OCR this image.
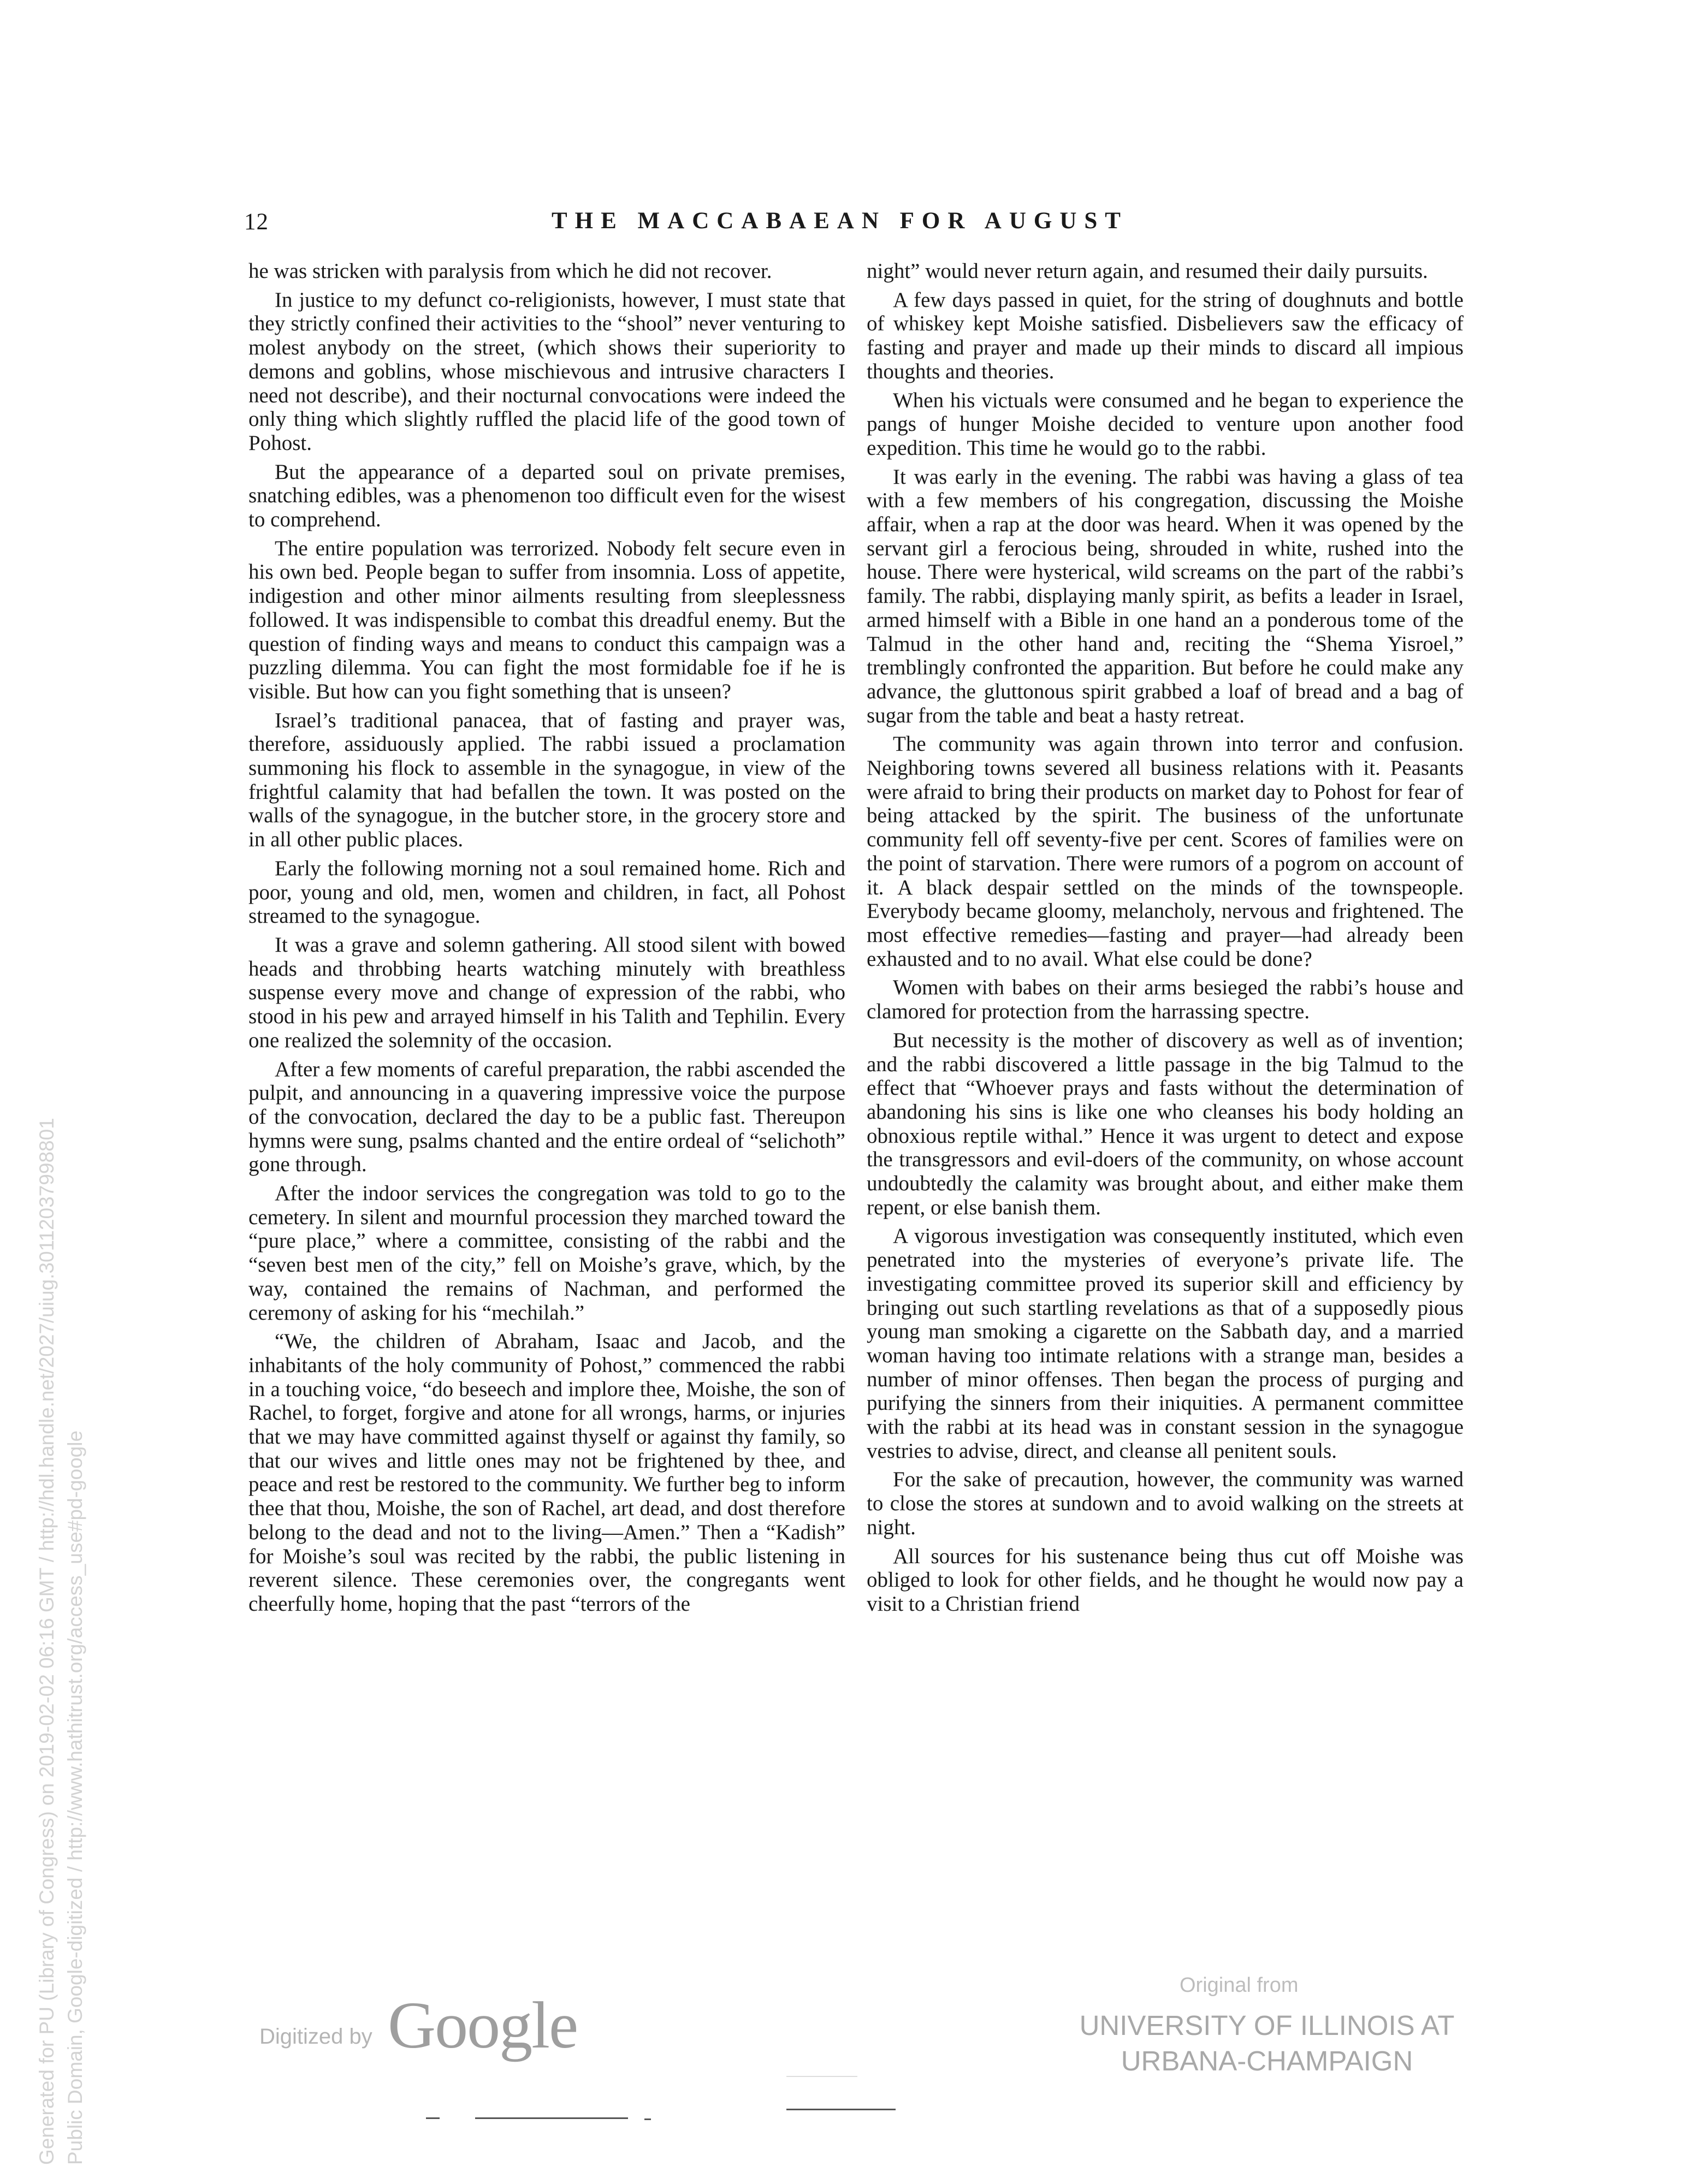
12	THE MACCABAEAN FOR AUGUST

he was stricken with paralysis from which he did not recover.

In justice to my defunct co-religionists, however, I must state that they strictly confined their activities to the “shool” never venturing to molest anybody on the street, (which shows their superiority to demons and goblins, whose mischievous and intrusive characters I need not describe), and their nocturnal convocations were indeed the only thing which slightly ruffled the placid life of the good town of Pohost.

But the appearance of a departed soul on private premises, snatching edibles, was a phenomenon too difficult even for the wisest to comprehend.

The entire population was terrorized. Nobody felt secure even in his own bed. People began to suffer from insomnia. Loss of appetite, indigestion and other minor ailments resulting from sleeplessness followed. It was indispensible to combat this dreadful enemy. But the question of finding ways and means to conduct this campaign was a puzzling dilemma. You can fight the most formidable foe if he is visible. But how can you fight something that is unseen?

Israel’s traditional panacea, that of fasting and prayer was, therefore, assiduously applied. The rabbi issued a proclamation summoning his flock to assemble in the synagogue, in view of the frightful calamity that had befallen the town. It was posted on the walls of the synagogue, in the butcher store, in the grocery store and in all other public places.

Early the following morning not a soul remained home. Rich and poor, young and old, men, women and children, in fact, all Pohost streamed to the synagogue.

It was a grave and solemn gathering. All stood silent with bowed heads and throbbing hearts watching minutely with breathless suspense every move and change of expression of the rabbi, who stood in his pew and arrayed himself in his Talith and Tephilin. Every one realized the solemnity of the occasion.

After a few moments of careful preparation, the rabbi ascended the pulpit, and announcing in a quavering impressive voice the purpose of the convocation, declared the day to be a public fast. Thereupon hymns were sung, psalms chanted and the entire ordeal of “selichoth” gone through.

After the indoor services the congregation was told to go to the cemetery. In silent and mournful procession they marched toward the “pure place,” where a committee, consisting of the rabbi and the “seven best men of the city,” fell on Moishe’s grave, which, by the way, contained the remains of Nachman, and performed the ceremony of asking for his “mechilah.”

“We, the children of Abraham, Isaac and Jacob, and the inhabitants of the holy community of Pohost,” commenced the rabbi in a touching voice, “do beseech and implore thee, Moishe, the son of Rachel, to forget, forgive and atone for all wrongs, harms, or injuries that we may have committed against thyself or against thy family, so that our wives and little ones may not be frightened by thee, and peace and rest be restored to the community. We further beg to inform thee that thou, Moishe, the son of Rachel, art dead, and dost therefore belong to the dead and not to the living—Amen.” Then a “Kadish” for Moishe’s soul was recited by the rabbi, the public listening in reverent silence. These ceremonies over, the congregants went cheerfully home, hoping that the past “terrors of the

night” would never return again, and resumed their daily pursuits.

A few days passed in quiet, for the string of doughnuts and bottle of whiskey kept Moishe satisfied. Disbelievers saw the efficacy of fasting and prayer and made up their minds to discard all impious thoughts and theories.

When his victuals were consumed and he began to experience the pangs of hunger Moishe decided to venture upon another food expedition. This time he would go to the rabbi.

It was early in the evening. The rabbi was having a glass of tea with a few members of his congregation, discussing the Moishe affair, when a rap at the door was heard. When it was opened by the servant girl a ferocious being, shrouded in white, rushed into the house. There were hysterical, wild screams on the part of the rabbi’s family. The rabbi, displaying manly spirit, as befits a leader in Israel, armed himself with a Bible in one hand an a ponderous tome of the Talmud in the other hand and, reciting the “Shema Yisroel,” tremblingly confronted the apparition. But before he could make any advance, the gluttonous spirit grabbed a loaf of bread and a bag of sugar from the table and beat a hasty retreat.

The community was again thrown into terror and confusion. Neighboring towns severed all business relations with it. Peasants were afraid to bring their products on market day to Pohost for fear of being attacked by the spirit. The business of the unfortunate community fell off seventy-five per cent. Scores of families were on the point of starvation. There were rumors of a pogrom on account of it. A black despair settled on the minds of the townspeople. Everybody became gloomy, melancholy, nervous and frightened. The most effective remedies—fasting and prayer—had already been exhausted and to no avail. What else could be done?

Women with babes on their arms besieged the rabbi’s house and clamored for protection from the harrassing spectre.

But necessity is the mother of discovery as well as of invention; and the rabbi discovered a little passage in the big Talmud to the effect that “Whoever prays and fasts without the determination of abandoning his sins is like one who cleanses his body holding an obnoxious reptile withal.” Hence it was urgent to detect and expose the transgressors and evil-doers of the community, on whose account undoubtedly the calamity was brought about, and either make them repent, or else banish them.

A vigorous investigation was consequently instituted, which even penetrated into the mysteries of everyone’s private life. The investigating committee proved its superior skill and efficiency by bringing out such startling revelations as that of a supposedly pious young man smoking a cigarette on the Sabbath day, and a married woman having too intimate relations with a strange man, besides a number of minor offenses. Then began the process of purging and purifying the sinners from their iniquities. A permanent committee with the rabbi at its head was in constant session in the synagogue vestries to advise, direct, and cleanse all penitent souls.

For the sake of precaution, however, the community was warned to close the stores at sundown and to avoid walking on the streets at night.

All sources for his sustenance being thus cut off Moishe was obliged to look for other fields, and he thought he would now pay a visit to a Christian friend

Generated for PU (Library of Congress) on 2019-02-02 06:16 GMT / http://hdl.handle.net/2027/uiug.30112037998801 Public Domain, Google-digitized / http://www.hathitrust.org/access_use#pd-google	Digitized by Google
Original from
UNIVERSITY OF ILLINOIS AT
URBANA-CHAMPAIGN
